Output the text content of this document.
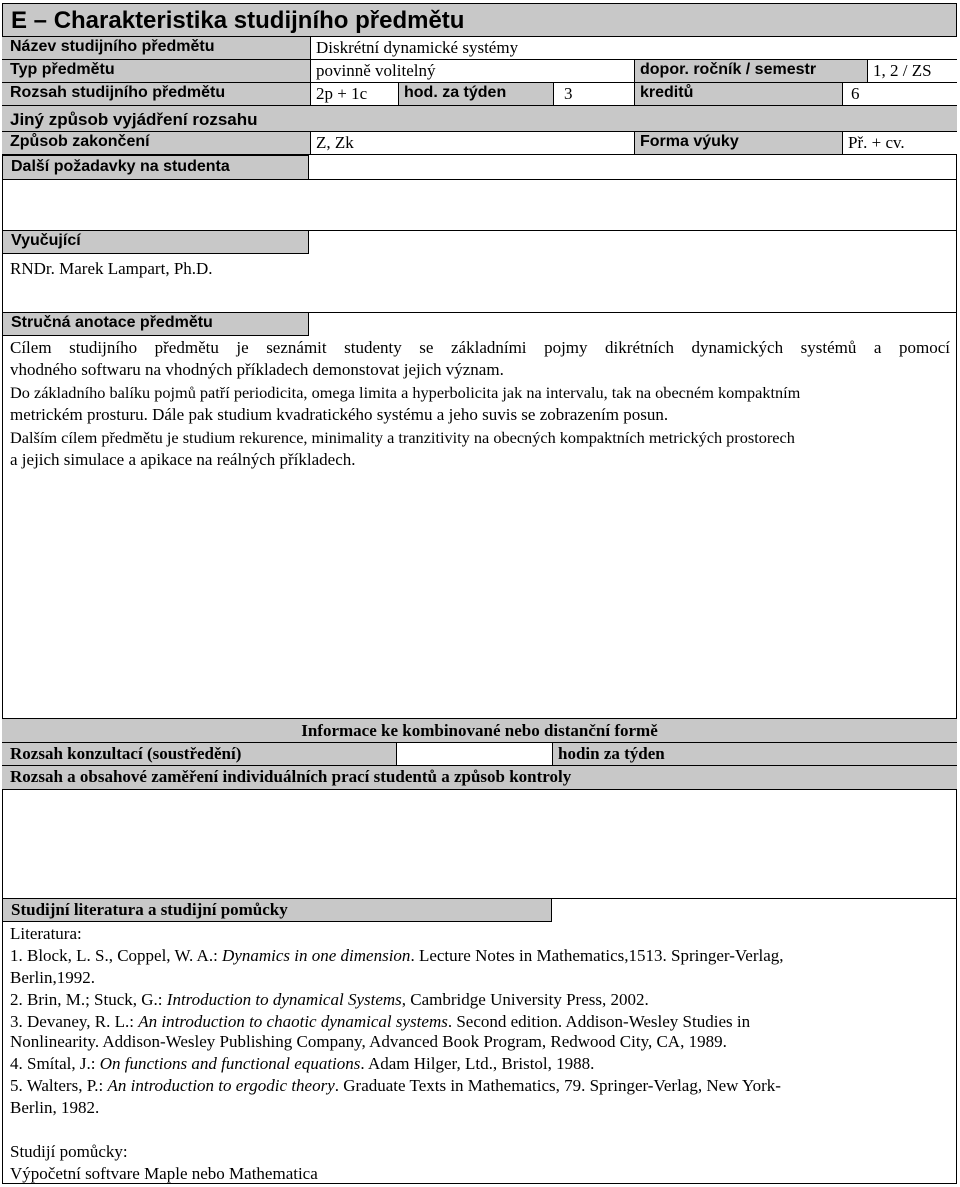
E – Charakteristika studijního předmětu
Název studijního předmětu	Diskrétní dynamické systémy
Typ předmětu	povinně volitelný	dopor. ročník / semestr	1, 2 / ZS
Rozsah studijního předmětu	2p + 1c	hod. za týden	3	kreditů	6
Jiný způsob vyjádření rozsahu
Způsob zakončení	Z, Zk	Forma výuky	Př. + cv.
Další požadavky na studenta
Vyučující
RNDr. Marek Lampart, Ph.D.
Stručná anotace předmětu
Cílem studijního předmětu je seznámit studenty se základními pojmy dikrétních dynamických systémů a pomocí
vhodného softwaru na vhodných příkladech demonstovat jejich význam.
Do základního balíku pojmů patří periodicita, omega limita a hyperbolicita jak na intervalu, tak na obecném kompaktním
metrickém prosturu. Dále pak studium kvadratického systému a jeho suvis se zobrazením posun.
Dalším cílem předmětu je studium rekurence, minimality a tranzitivity na obecných kompaktních metrických prostorech
a jejich simulace a apikace na reálných příkladech.
Informace ke kombinované nebo distanční formě
Rozsah konzultací (soustředění)	hodin za týden
Rozsah a obsahové zaměření individuálních prací studentů a způsob kontroly
Studijní literatura a studijní pomůcky
Literatura:
1. Block, L. S., Coppel, W. A.: Dynamics in one dimension. Lecture Notes in Mathematics,1513. Springer-Verlag,
Berlin,1992.
2. Brin, M.; Stuck, G.: Introduction to dynamical Systems, Cambridge University Press, 2002.
3. Devaney, R. L.: An introduction to chaotic dynamical systems. Second edition. Addison-Wesley Studies in
Nonlinearity. Addison-Wesley Publishing Company, Advanced Book Program, Redwood City, CA, 1989.
4. Smítal, J.: On functions and functional equations. Adam Hilger, Ltd., Bristol, 1988.
5. Walters, P.: An introduction to ergodic theory. Graduate Texts in Mathematics, 79. Springer-Verlag, New York-
Berlin, 1982.
Studijí pomůcky:
Výpočetní softvare Maple nebo Mathematica
